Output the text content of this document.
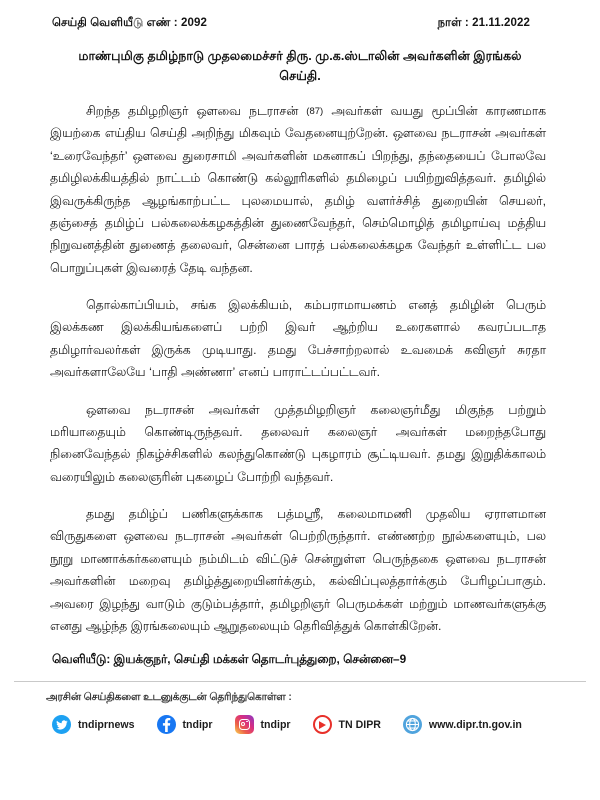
செய்தி வெளியீடு எண் : 2092	நாள் : 21.11.2022
மாண்புமிகு தமிழ்நாடு முதலமைச்சர் திரு. மு.க.ஸ்டாலின் அவர்களின் இரங்கல் செய்தி.

சிறந்த தமிழறிஞர் ஔவை நடராசன் (87) அவர்கள் வயது மூப்பின் காரணமாக இயற்கை எய்திய செய்தி அறிந்து மிகவும் வேதனையுற்றேன். ஔவை நடராசன் அவர்கள் ‘உரைவேந்தர்’ ஔவை துரைசாமி அவர்களின் மகனாகப் பிறந்து, தந்தையைப் போலவே தமிழிலக்கியத்தில் நாட்டம் கொண்டு கல்லூரிகளில் தமிழைப் பயிற்றுவித்தவர். தமிழில் இவருக்கிருந்த ஆழங்காற்பட்ட புலமையால், தமிழ் வளர்ச்சித் துறையின் செயலர், தஞ்சைத் தமிழ்ப் பல்கலைக்கழகத்தின் துணைவேந்தர், செம்மொழித் தமிழாய்வு மத்திய நிறுவனத்தின் துணைத் தலைவர், சென்னை பாரத் பல்கலைக்கழக வேந்தர் உள்ளிட்ட பல பொறுப்புகள் இவரைத் தேடி வந்தன.

தொல்காப்பியம், சங்க இலக்கியம், கம்பராமாயணம் எனத் தமிழின் பெரும் இலக்கண இலக்கியங்களைப் பற்றி இவர் ஆற்றிய உரைகளால் கவரப்படாத தமிழார்வலர்கள் இருக்க முடியாது. தமது பேச்சாற்றலால் உவமைக் கவிஞர் சுரதா அவர்களாலேயே ‘பாதி அண்ணா’ எனப் பாராட்டப்பட்டவர்.

ஔவை நடராசன் அவர்கள் முத்தமிழறிஞர் கலைஞர்மீது மிகுந்த பற்றும் மரியாதையும் கொண்டிருந்தவர். தலைவர் கலைஞர் அவர்கள் மறைந்தபோது நினைவேந்தல் நிகழ்ச்சிகளில் கலந்துகொண்டு புகழாரம் சூட்டியவர். தமது இறுதிக்காலம் வரையிலும் கலைஞரின் புகழைப் போற்றி வந்தவர்.

தமது தமிழ்ப் பணிகளுக்காக பத்மஸ்ரீ, கலைமாமணி முதலிய ஏராளமான விருதுகளை ஔவை நடராசன் அவர்கள் பெற்றிருந்தார். எண்ணற்ற நூல்களையும், பல நூறு மாணாக்கர்களையும் நம்மிடம் விட்டுச் சென்றுள்ள பெருந்தகை ஔவை நடராசன் அவர்களின் மறைவு தமிழ்த்துறையினர்க்கும், கல்விப்புலத்தார்க்கும் பேரிழப்பாகும். அவரை இழந்து வாடும் குடும்பத்தார், தமிழறிஞர் பெருமக்கள் மற்றும் மாணவர்களுக்கு எனது ஆழ்ந்த இரங்கலையும் ஆறுதலையும் தெரிவித்துக் கொள்கிறேன்.

வெளியீடு: இயக்குநர், செய்தி மக்கள் தொடர்புத்துறை, சென்னை–9
அரசின் செய்திகளை உடனுக்குடன் தெரிந்துகொள்ள :
tndiprnews	tndipr	tndipr	TN DIPR	www.dipr.tn.gov.in
